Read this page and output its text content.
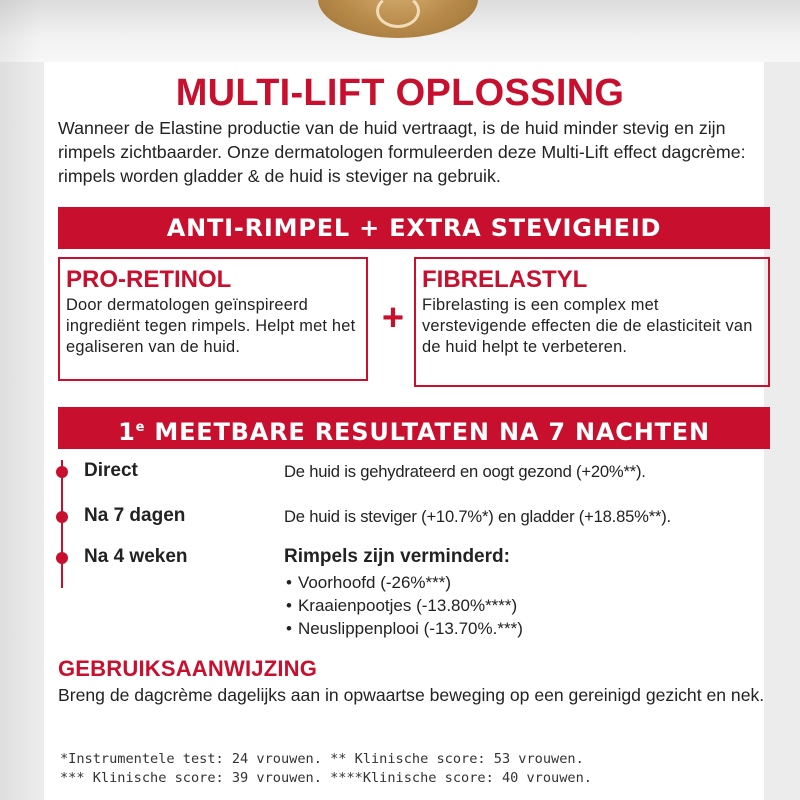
MULTI-LIFT OPLOSSING
Wanneer de Elastine productie van de huid vertraagt, is de huid minder stevig en zijn rimpels zichtbaarder. Onze dermatologen formuleerden deze Multi-Lift effect dagcrème: rimpels worden gladder & de huid is steviger na gebruik.
ANTI-RIMPEL + EXTRA STEVIGHEID
PRO-RETINOL
Door dermatologen geïnspireerd ingrediënt tegen rimpels. Helpt met het egaliseren van de huid.
+
FIBRELASTYL
Fibrelasting is een complex met verstevigende effecten die de elasticiteit van de huid helpt te verbeteren.
1e MEETBARE RESULTATEN NA 7 NACHTEN
Direct	De huid is gehydrateerd en oogt gezond (+20%**).
Na 7 dagen	De huid is steviger (+10.7%*) en gladder (+18.85%**).
Na 4 weken	Rimpels zijn verminderd:
• Voorhoofd (-26%***)
• Kraaienpootjes (-13.80%****)
• Neuslippenplooi (-13.70%.***)
GEBRUIKSAANWIJZING
Breng de dagcrème dagelijks aan in opwaartse beweging op een gereinigd gezicht en nek.
*Instrumentele test: 24 vrouwen. ** Klinische score: 53 vrouwen.
*** Klinische score: 39 vrouwen. ****Klinische score: 40 vrouwen.
